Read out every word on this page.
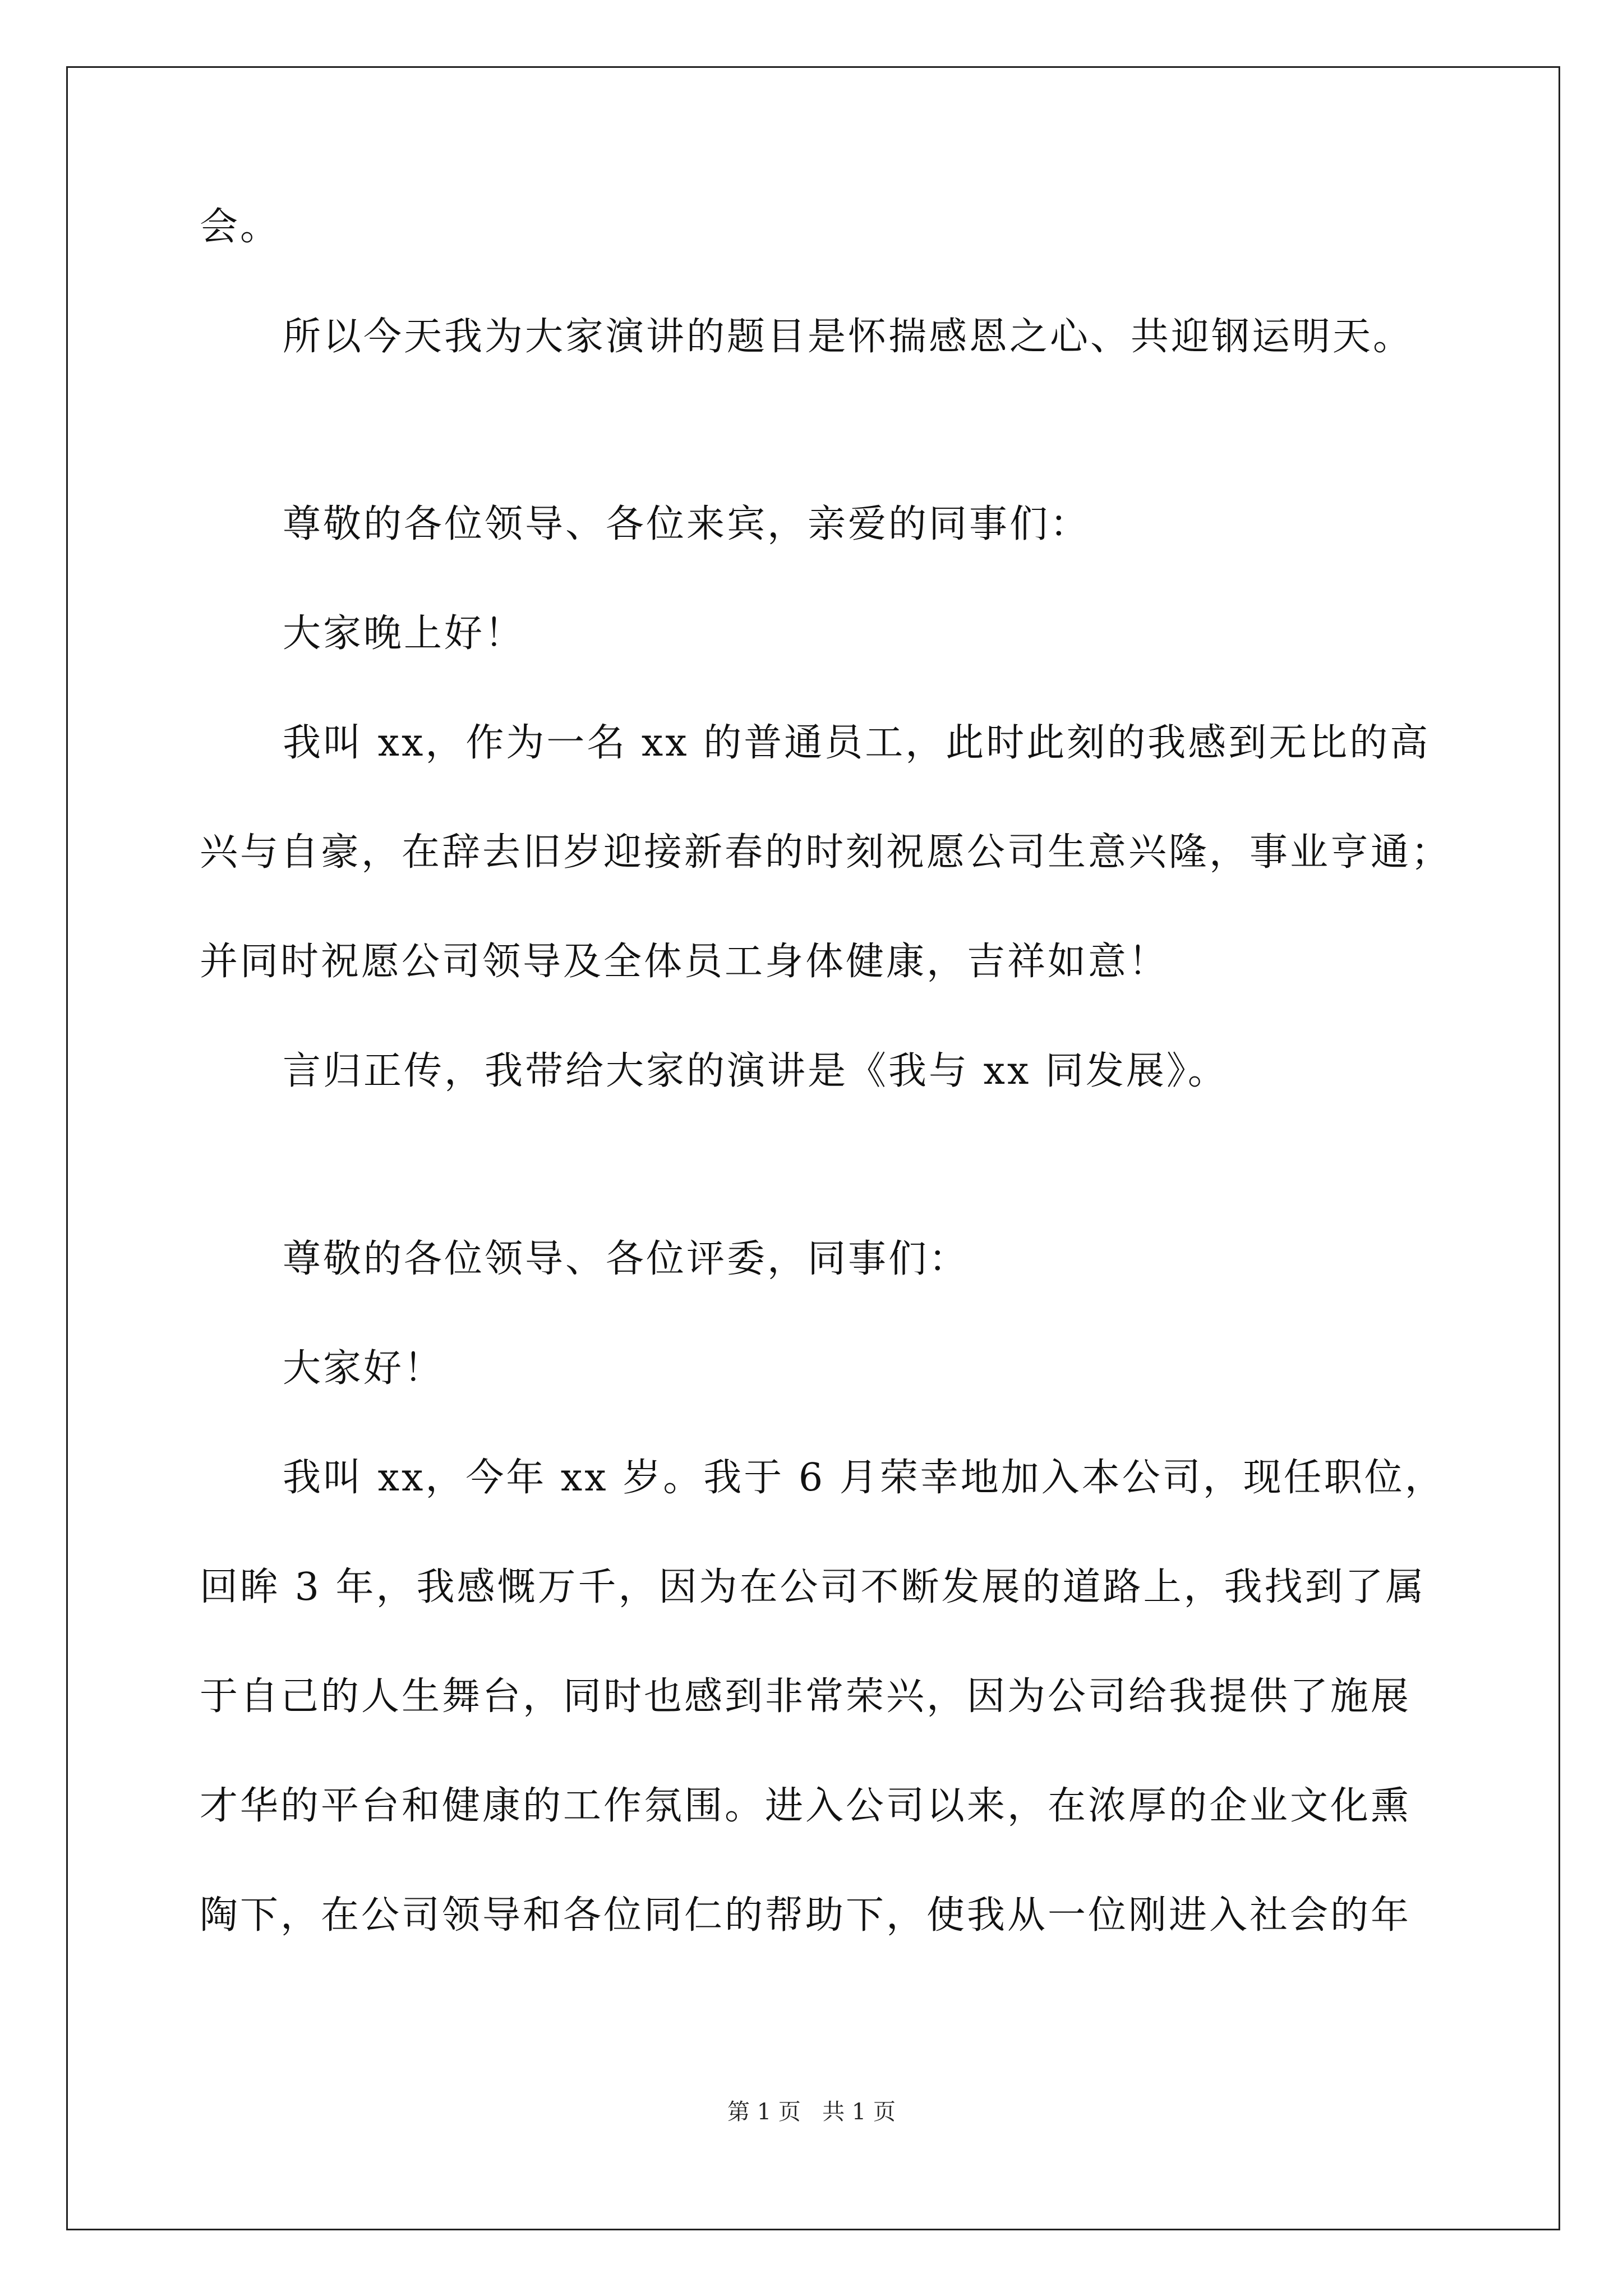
会。
所以今天我为大家演讲的题目是怀揣感恩之心、共迎钢运明天。
尊敬的各位领导、各位来宾，亲爱的同事们：
大家晚上好！
我叫 xx，作为一名 xx 的普通员工，此时此刻的我感到无比的高
兴与自豪，在辞去旧岁迎接新春的时刻祝愿公司生意兴隆，事业亨通；
并同时祝愿公司领导及全体员工身体健康，吉祥如意！
言归正传，我带给大家的演讲是《我与 xx 同发展》。
尊敬的各位领导、各位评委，同事们：
大家好！
我叫 xx，今年 xx 岁。我于 6 月荣幸地加入本公司，现任职位，
回眸 3 年，我感慨万千，因为在公司不断发展的道路上，我找到了属
于自己的人生舞台，同时也感到非常荣兴，因为公司给我提供了施展
才华的平台和健康的工作氛围。进入公司以来，在浓厚的企业文化熏
陶下，在公司领导和各位同仁的帮助下，使我从一位刚进入社会的年
第 1 页   共 1 页
